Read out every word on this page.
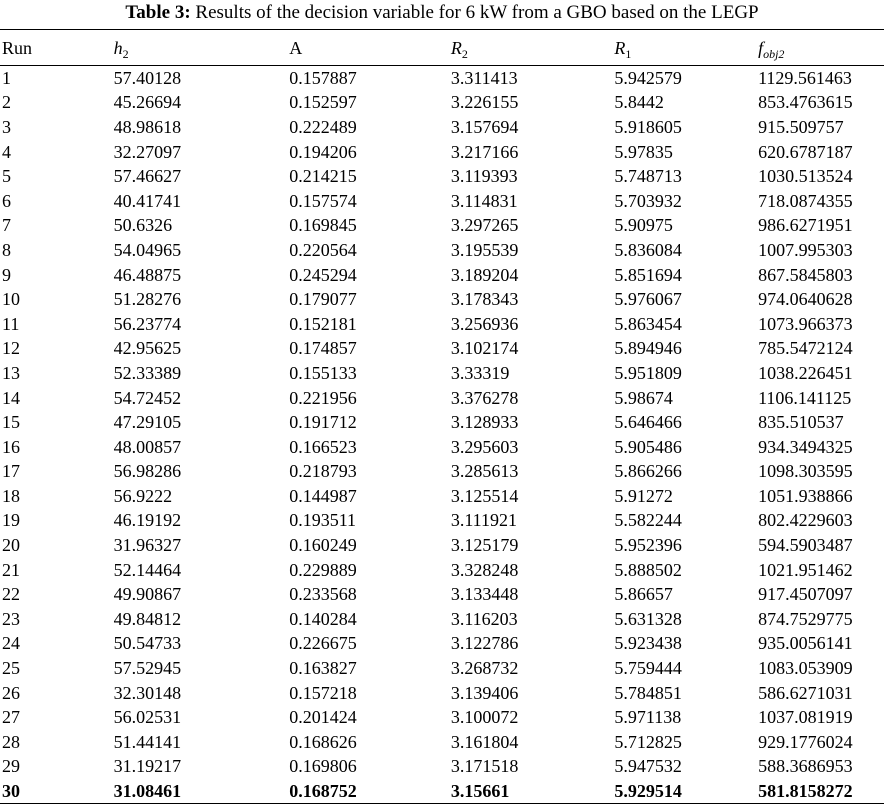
Table 3: Results of the decision variable for 6 kW from a GBO based on the LEGP
Run	$h_2$	A	$R_2$	$R_1$	$f_{obj2}$
1	57.40128	0.157887	3.311413	5.942579	1129.561463
2	45.26694	0.152597	3.226155	5.8442	853.4763615
3	48.98618	0.222489	3.157694	5.918605	915.509757
4	32.27097	0.194206	3.217166	5.97835	620.6787187
5	57.46627	0.214215	3.119393	5.748713	1030.513524
6	40.41741	0.157574	3.114831	5.703932	718.0874355
7	50.6326	0.169845	3.297265	5.90975	986.6271951
8	54.04965	0.220564	3.195539	5.836084	1007.995303
9	46.48875	0.245294	3.189204	5.851694	867.5845803
10	51.28276	0.179077	3.178343	5.976067	974.0640628
11	56.23774	0.152181	3.256936	5.863454	1073.966373
12	42.95625	0.174857	3.102174	5.894946	785.5472124
13	52.33389	0.155133	3.33319	5.951809	1038.226451
14	54.72452	0.221956	3.376278	5.98674	1106.141125
15	47.29105	0.191712	3.128933	5.646466	835.510537
16	48.00857	0.166523	3.295603	5.905486	934.3494325
17	56.98286	0.218793	3.285613	5.866266	1098.303595
18	56.9222	0.144987	3.125514	5.91272	1051.938866
19	46.19192	0.193511	3.111921	5.582244	802.4229603
20	31.96327	0.160249	3.125179	5.952396	594.5903487
21	52.14464	0.229889	3.328248	5.888502	1021.951462
22	49.90867	0.233568	3.133448	5.86657	917.4507097
23	49.84812	0.140284	3.116203	5.631328	874.7529775
24	50.54733	0.226675	3.122786	5.923438	935.0056141
25	57.52945	0.163827	3.268732	5.759444	1083.053909
26	32.30148	0.157218	3.139406	5.784851	586.6271031
27	56.02531	0.201424	3.100072	5.971138	1037.081919
28	51.44141	0.168626	3.161804	5.712825	929.1776024
29	31.19217	0.169806	3.171518	5.947532	588.3686953
30	31.08461	0.168752	3.15661	5.929514	581.8158272
